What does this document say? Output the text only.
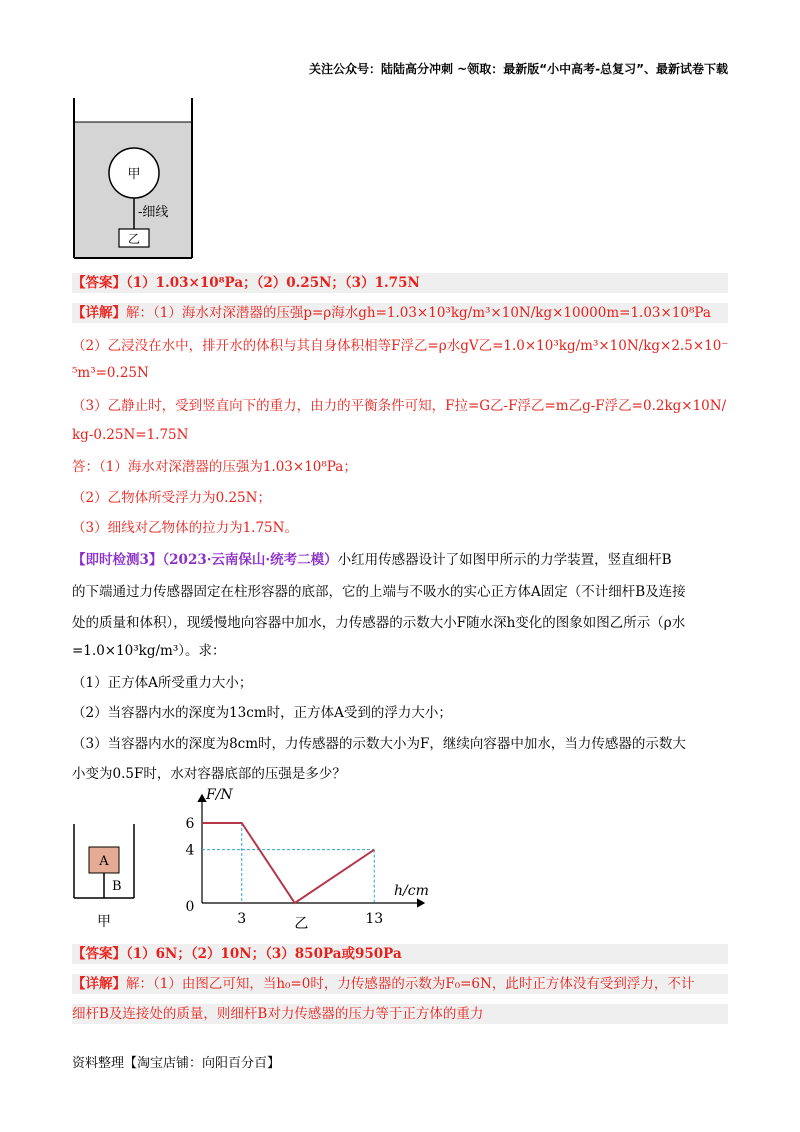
关注公众号：陆陆高分冲刺 ~领取：最新版“小中高考-总复习”、最新试卷下载
甲
-细线
乙
【答案】（1）1.03×10⁸Pa；（2）0.25N；（3）1.75N
【详解】解：（1）海水对深潜器的压强p=ρ海水gh=1.03×10³kg/m³×10N/kg×10000m=1.03×10⁸Pa
（2）乙浸没在水中，排开水的体积与其自身体积相等F浮乙=ρ水gV乙=1.0×10³kg/m³×10N/kg×2.5×10⁻
⁵m³=0.25N
（3）乙静止时，受到竖直向下的重力，由力的平衡条件可知，F拉=G乙-F浮乙=m乙g-F浮乙=0.2kg×10N/
kg-0.25N=1.75N
答：（1）海水对深潜器的压强为1.03×10⁸Pa；
（2）乙物体所受浮力为0.25N；
（3）细线对乙物体的拉力为1.75N。
【即时检测3】（2023·云南保山·统考二模）小红用传感器设计了如图甲所示的力学装置，竖直细杆B
的下端通过力传感器固定在柱形容器的底部，它的上端与不吸水的实心正方体A固定（不计细杆B及连接
处的质量和体积），现缓慢地向容器中加水，力传感器的示数大小F随水深h变化的图象如图乙所示（ρ水
=1.0×10³kg/m³）。求：
（1）正方体A所受重力大小；
（2）当容器内水的深度为13cm时，正方体A受到的浮力大小；
（3）当容器内水的深度为8cm时，力传感器的示数大小为F，继续向容器中加水，当力传感器的示数大
小变为0.5F时，水对容器底部的压强是多少？
A
B
甲
0
3	13
6
4
F/N
h/cm
乙
【答案】（1）6N；（2）10N；（3）850Pa或950Pa
【详解】解：（1）由图乙可知，当h₀=0时，力传感器的示数为F₀=6N，此时正方体没有受到浮力，不计
细杆B及连接处的质量，则细杆B对力传感器的压力等于正方体的重力
资料整理【淘宝店铺：向阳百分百】
